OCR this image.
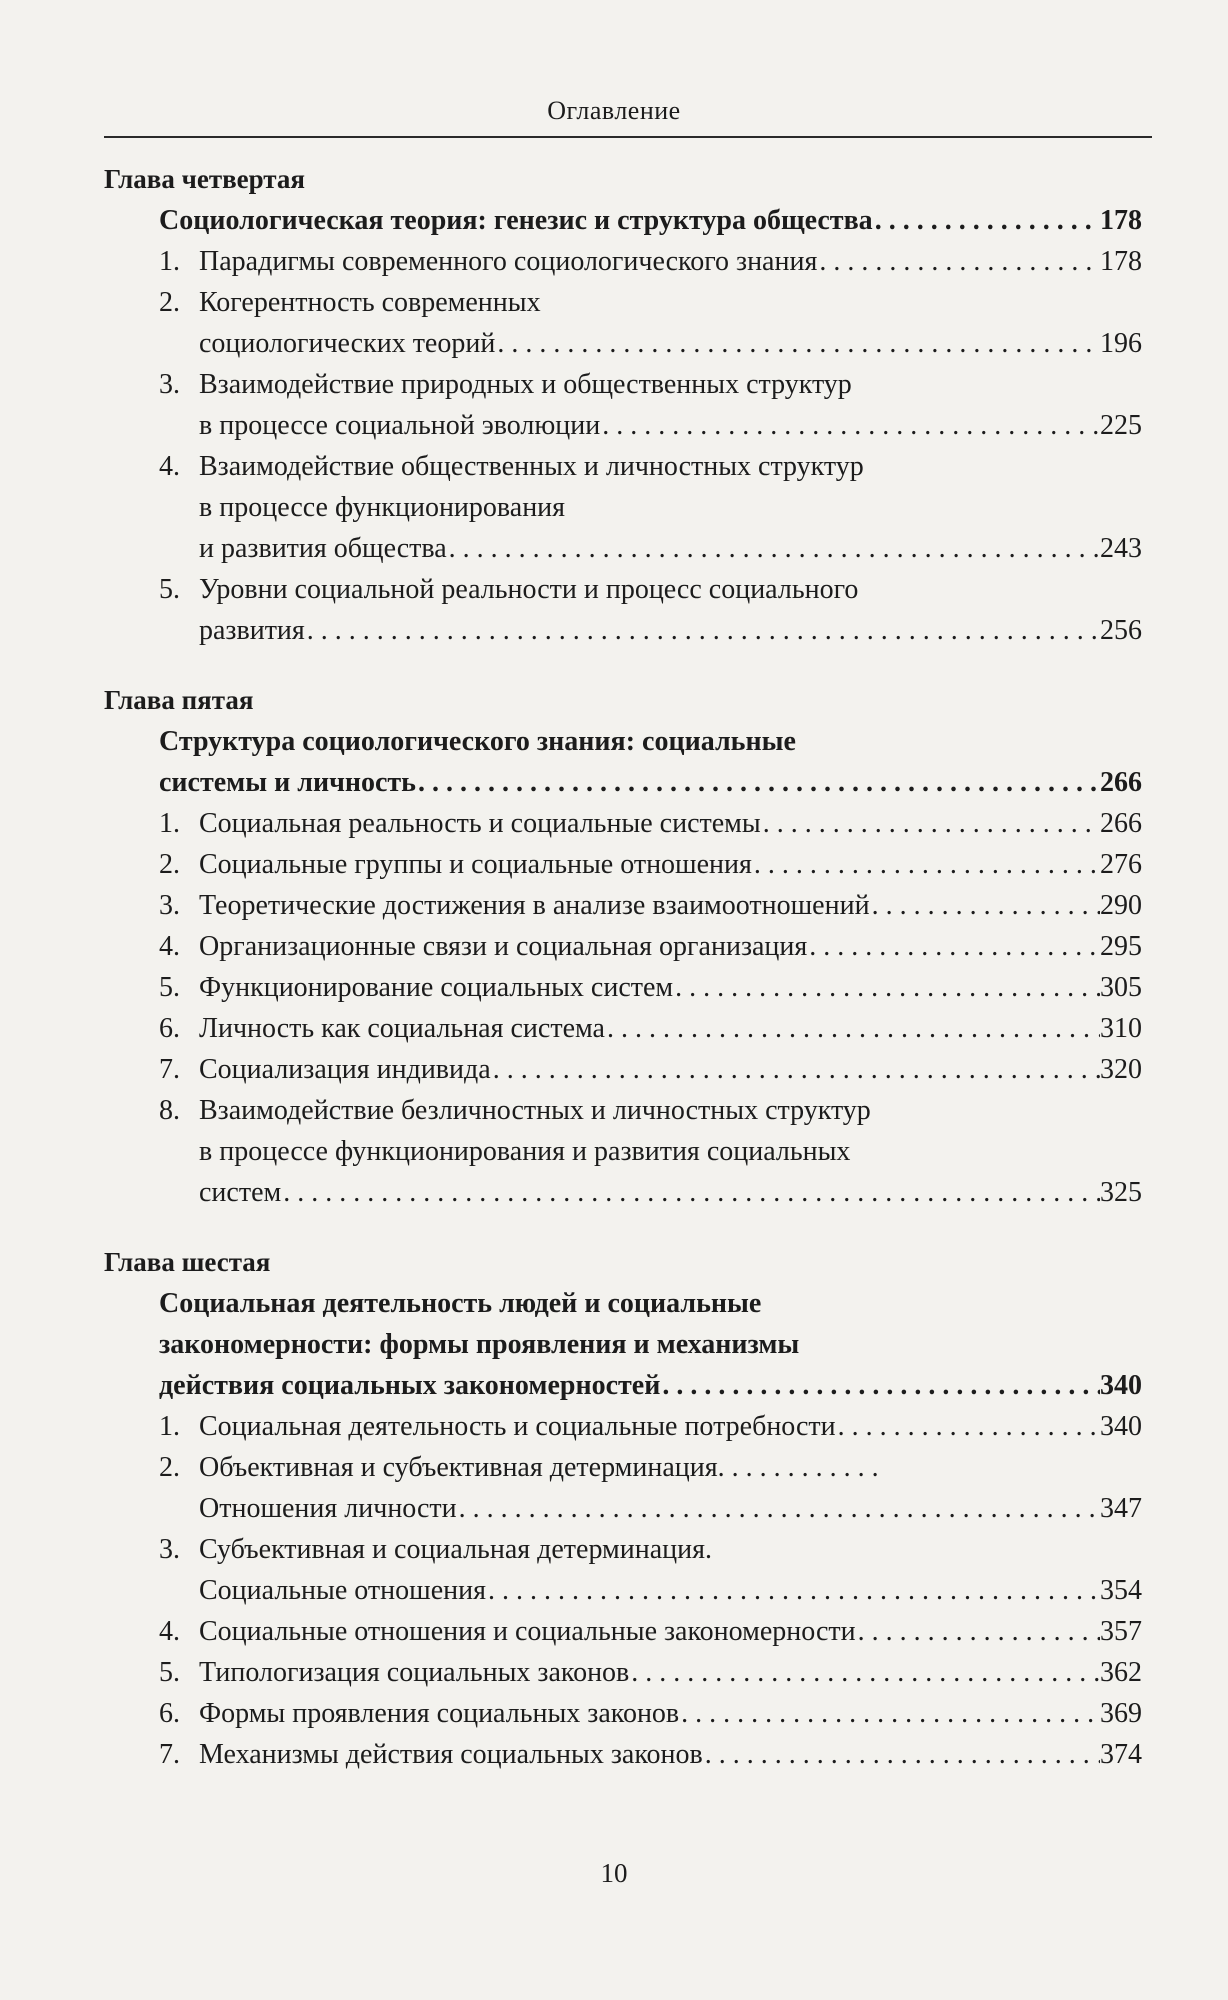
Оглавление
Глава четвертая
Социологическая теория: генезис и структура общества . . .	178
1. Парадигмы современного социологического знания . . .	178
2. Когерентность современных
социологических теорий . . .	196
3. Взаимодействие природных и общественных структур
в процессе социальной эволюции . . .	225
4. Взаимодействие общественных и личностных структур
в процессе функционирования
и развития общества . . .	243
5. Уровни социальной реальности и процесс социального
развития . . .	256
Глава пятая
Структура социологического знания: социальные
системы и личность . . .	266
1. Социальная реальность и социальные системы . . .	266
2. Социальные группы и социальные отношения . . .	276
3. Теоретические достижения в анализе взаимоотношений . . .	290
4. Организационные связи и социальная организация . . .	295
5. Функционирование социальных систем . . .	305
6. Личность как социальная система . . .	310
7. Социализация индивида . . .	320
8. Взаимодействие безличностных и личностных структур
в процессе функционирования и развития социальных
систем . . .	325
Глава шестая
Социальная деятельность людей и социальные
закономерности: формы проявления и механизмы
действия социальных закономерностей . . .	340
1. Социальная деятельность и социальные потребности . . .	340
2. Объективная и субъективная детерминация. . . . . . . . . . . .
Отношения личности . . .	347
3. Субъективная и социальная детерминация.
Социальные отношения . . .	354
4. Социальные отношения и социальные закономерности . . .	357
5. Типологизация социальных законов . . .	362
6. Формы проявления социальных законов . . .	369
7. Механизмы действия социальных законов . . .	374
10
